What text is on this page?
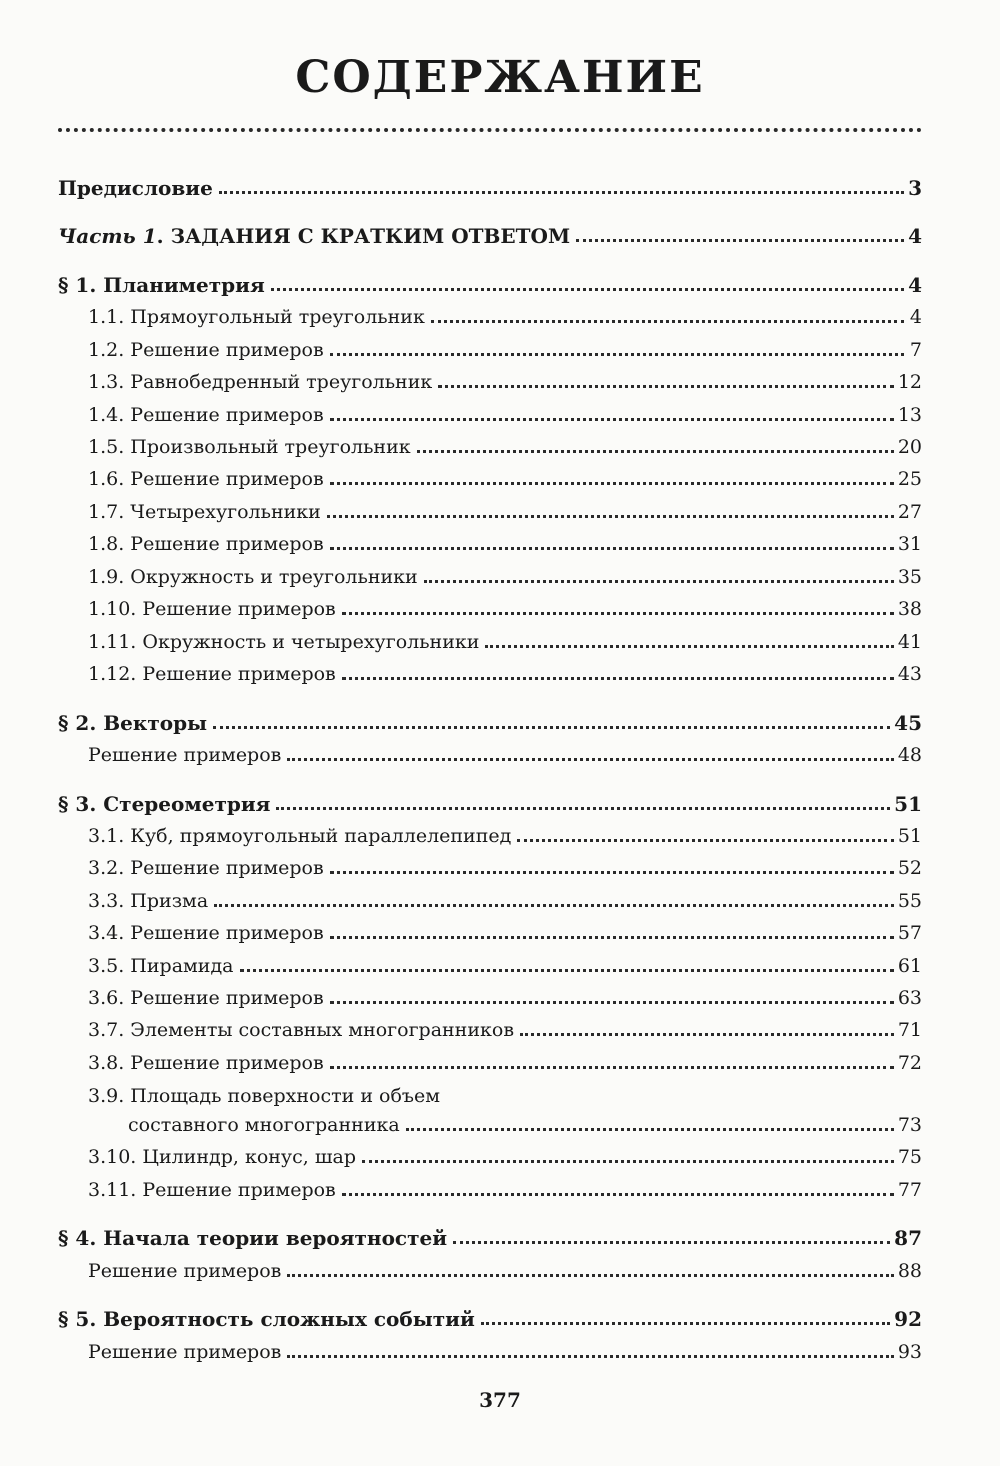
СОДЕРЖАНИЕ
Предисловие	3
Часть 1. ЗАДАНИЯ С КРАТКИМ ОТВЕТОМ	4
§ 1. Планиметрия	4
1.1. Прямоугольный треугольник	4
1.2. Решение примеров	7
1.3. Равнобедренный треугольник	12
1.4. Решение примеров	13
1.5. Произвольный треугольник	20
1.6. Решение примеров	25
1.7. Четырехугольники	27
1.8. Решение примеров	31
1.9. Окружность и треугольники	35
1.10. Решение примеров	38
1.11. Окружность и четырехугольники	41
1.12. Решение примеров	43
§ 2. Векторы	45
Решение примеров	48
§ 3. Стереометрия	51
3.1. Куб, прямоугольный параллелепипед	51
3.2. Решение примеров	52
3.3. Призма	55
3.4. Решение примеров	57
3.5. Пирамида	61
3.6. Решение примеров	63
3.7. Элементы составных многогранников	71
3.8. Решение примеров	72
3.9. Площадь поверхности и объем
составного многогранника	73
3.10. Цилиндр, конус, шар	75
3.11. Решение примеров	77
§ 4. Начала теории вероятностей	87
Решение примеров	88
§ 5. Вероятность сложных событий	92
Решение примеров	93
377
